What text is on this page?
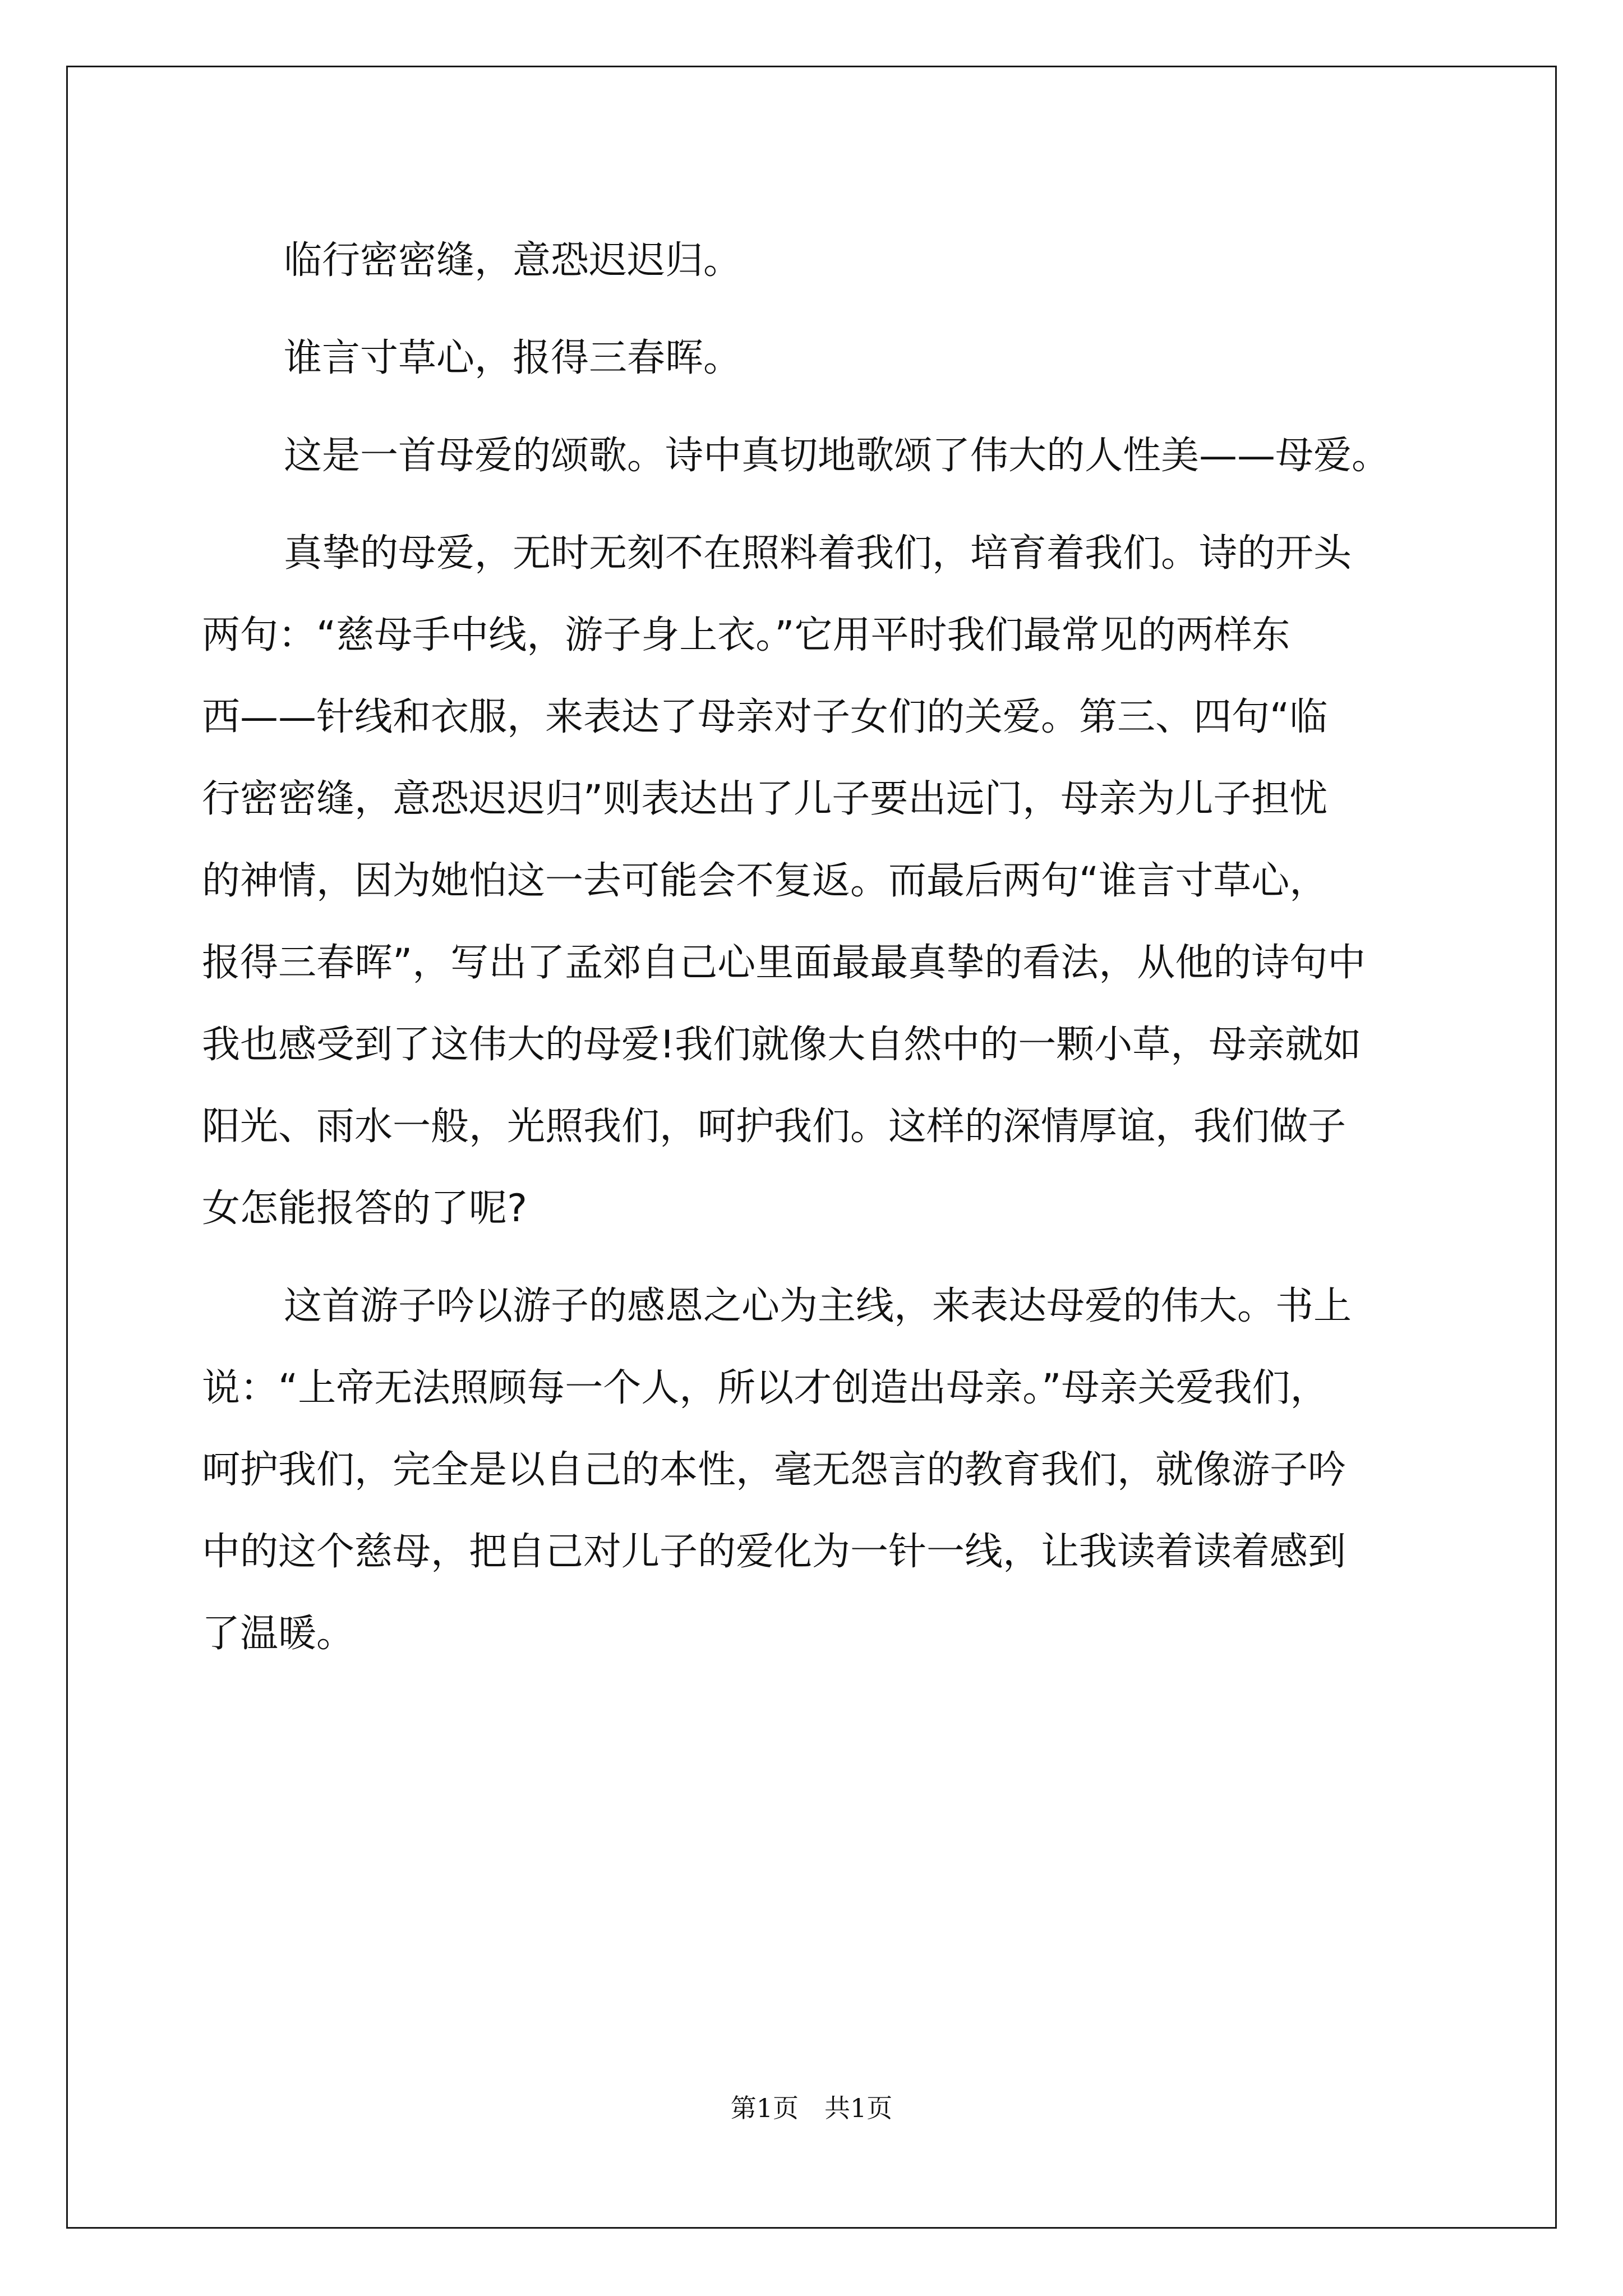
临行密密缝，意恐迟迟归。
谁言寸草心，报得三春晖。
这是一首母爱的颂歌。诗中真切地歌颂了伟大的人性美——母爱。
真挚的母爱，无时无刻不在照料着我们，培育着我们。诗的开头
两句：“慈母手中线，游子身上衣。”它用平时我们最常见的两样东
西——针线和衣服，来表达了母亲对子女们的关爱。第三、四句“临
行密密缝，意恐迟迟归”则表达出了儿子要出远门，母亲为儿子担忧
的神情，因为她怕这一去可能会不复返。而最后两句“谁言寸草心，
报得三春晖”，写出了孟郊自己心里面最最真挚的看法，从他的诗句中
我也感受到了这伟大的母爱!我们就像大自然中的一颗小草，母亲就如
阳光、雨水一般，光照我们，呵护我们。这样的深情厚谊，我们做子
女怎能报答的了呢?
这首游子吟以游子的感恩之心为主线，来表达母爱的伟大。书上
说：“上帝无法照顾每一个人，所以才创造出母亲。”母亲关爱我们，
呵护我们，完全是以自己的本性，毫无怨言的教育我们，就像游子吟
中的这个慈母，把自己对儿子的爱化为一针一线，让我读着读着感到
了温暖。
第1页　共1页
